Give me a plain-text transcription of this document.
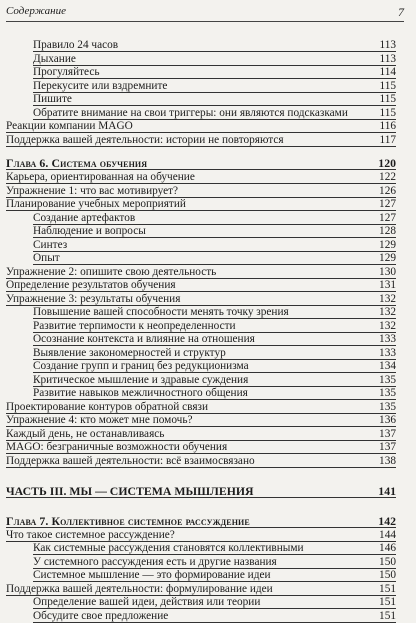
Содержание	7
Правило 24 часов	113
Дыхание	113
Прогуляйтесь	114
Перекусите или вздремните	115
Пишите	115
Обратите внимание на свои триггеры: они являются подсказками	115
Реакции компании MAGO	116
Поддержка вашей деятельности: истории не повторяются	117
Глава 6. Система обучения	120
Карьера, ориентированная на обучение	122
Упражнение 1: что вас мотивирует?	126
Планирование учебных мероприятий	127
Создание артефактов	127
Наблюдение и вопросы	128
Синтез	129
Опыт	129
Упражнение 2: опишите свою деятельность	130
Определение результатов обучения	131
Упражнение 3: результаты обучения	132
Повышение вашей способности менять точку зрения	132
Развитие терпимости к неопределенности	132
Осознание контекста и влияние на отношения	133
Выявление закономерностей и структур	133
Создание групп и границ без редукционизма	134
Критическое мышление и здравые суждения	135
Развитие навыков межличностного общения	135
Проектирование контуров обратной связи	135
Упражнение 4: кто может мне помочь?	136
Каждый день, не останавливаясь	137
MAGO: безграничные возможности обучения	137
Поддержка вашей деятельности: всё взаимосвязано	138
ЧАСТЬ III. МЫ — СИСТЕМА МЫШЛЕНИЯ	141
Глава 7. Коллективное системное рассуждение	142
Что такое системное рассуждение?	144
Как системные рассуждения становятся коллективными	146
У системного рассуждения есть и другие названия	150
Системное мышление — это формирование идеи	150
Поддержка вашей деятельности: формулирование идеи	151
Определение вашей идеи, действия или теории	151
Обсудите свое предложение	151
